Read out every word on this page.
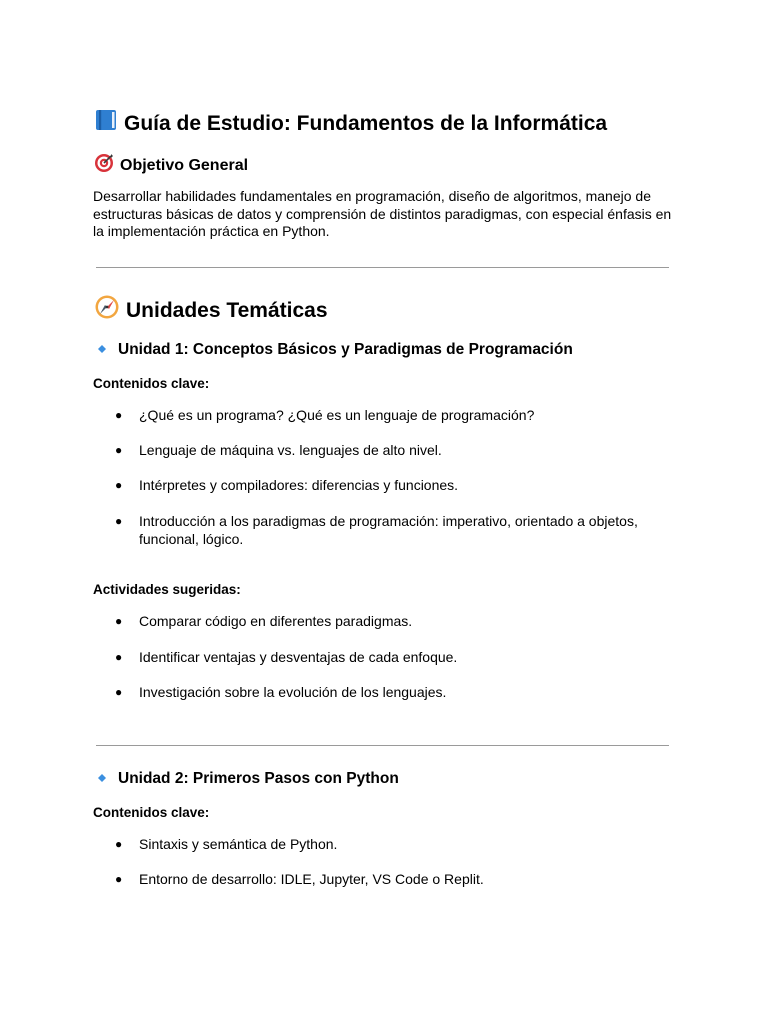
Guía de Estudio: Fundamentos de la Informática
Objetivo General
Desarrollar habilidades fundamentales en programación, diseño de algoritmos, manejo de estructuras básicas de datos y comprensión de distintos paradigmas, con especial énfasis en la implementación práctica en Python.
Unidades Temáticas
Unidad 1: Conceptos Básicos y Paradigmas de Programación
Contenidos clave:
●	¿Qué es un programa? ¿Qué es un lenguaje de programación?
●	Lenguaje de máquina vs. lenguajes de alto nivel.
●	Intérpretes y compiladores: diferencias y funciones.
●	Introducción a los paradigmas de programación: imperativo, orientado a objetos, funcional, lógico.
Actividades sugeridas:
●	Comparar código en diferentes paradigmas.
●	Identificar ventajas y desventajas de cada enfoque.
●	Investigación sobre la evolución de los lenguajes.
Unidad 2: Primeros Pasos con Python
Contenidos clave:
●	Sintaxis y semántica de Python.
●	Entorno de desarrollo: IDLE, Jupyter, VS Code o Replit.
